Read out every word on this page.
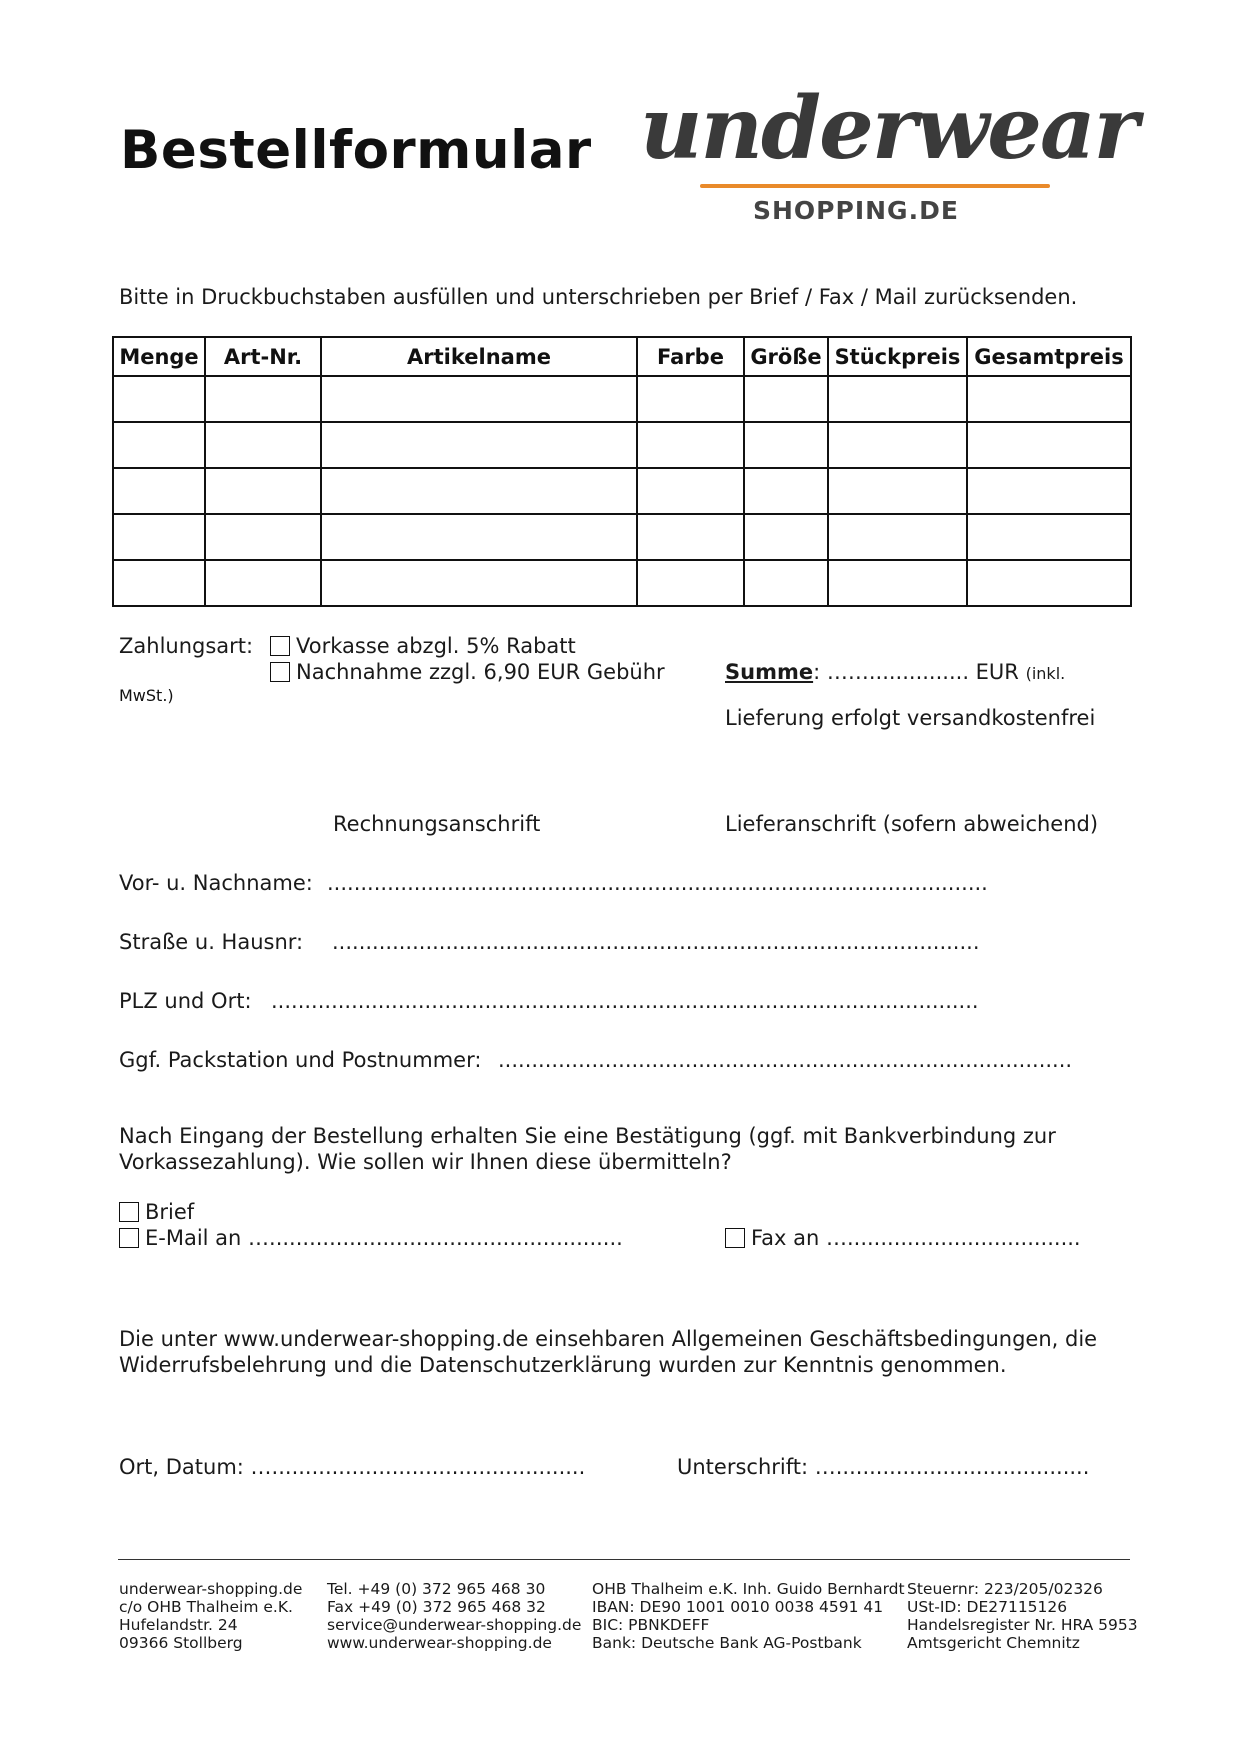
Bestellformular underwear
SHOPPING.DE
Bitte in Druckbuchstaben ausfüllen und unterschrieben per Brief / Fax / Mail zurücksenden.
Menge	Art-Nr.	Artikelname	Farbe	Größe	Stückpreis	Gesamtpreis

Zahlungsart:	Vorkasse abzgl. 5% Rabatt
Nachnahme zzgl. 6,90 EUR Gebühr	Summe: ……............... EUR (inkl.
MwSt.)
Lieferung erfolgt versandkostenfrei
Rechnungsanschrift	Lieferanschrift (sofern abweichend)
Vor- u. Nachname: ...................................................................................................
Straße u. Hausnr: .................................................................................................
PLZ und Ort: ..........................................................................................................
Ggf. Packstation und Postnummer: ......................................................................................
Nach Eingang der Bestellung erhalten Sie eine Bestätigung (ggf. mit Bankverbindung zur
Vorkassezahlung). Wie sollen wir Ihnen diese übermitteln?
Brief
E-Mail an ….....................................................	Fax an …...................................
Die unter www.underwear-shopping.de einsehbaren Allgemeinen Geschäftsbedingungen, die
Widerrufsbelehrung und die Datenschutzerklärung wurden zur Kenntnis genommen.
Ort, Datum: …...............................................	Unterschrift: …......................................
underwear-shopping.de
c/o OHB Thalheim e.K.
Hufelandstr. 24
09366 Stollberg
Tel. +49 (0) 372 965 468 30
Fax +49 (0) 372 965 468 32
service@underwear-shopping.de
www.underwear-shopping.de
OHB Thalheim e.K. Inh. Guido Bernhardt
IBAN: DE90 1001 0010 0038 4591 41
BIC: PBNKDEFF
Bank: Deutsche Bank AG-Postbank
Steuernr: 223/205/02326
USt-ID: DE27115126
Handelsregister Nr. HRA 5953
Amtsgericht Chemnitz
